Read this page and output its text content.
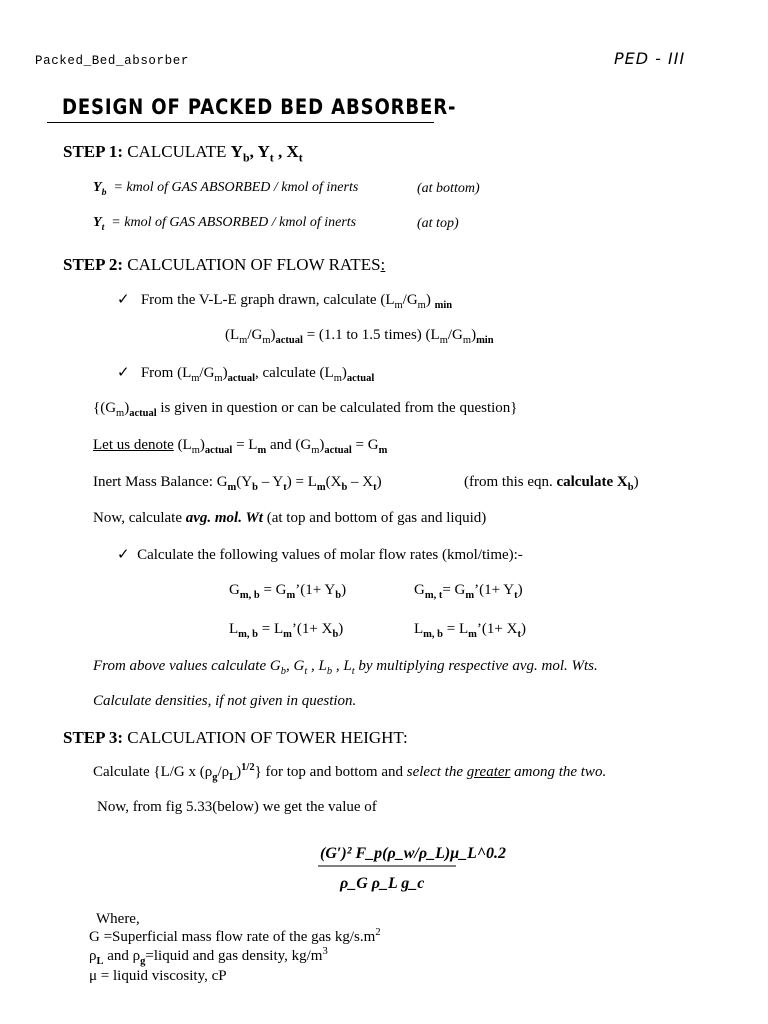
Packed_Bed_absorber	PED - III
DESIGN OF PACKED BED ABSORBER-
STEP 1: CALCULATE $Y_b$, $Y_t$ , $X_t$
$Y_b$ = kmol of GAS ABSORBED / kmol of inerts	(at bottom)
$Y_t$ = kmol of GAS ABSORBED / kmol of inerts	(at top)
STEP 2: CALCULATION OF FLOW RATES:
✓ From the V-L-E graph drawn, calculate $(L_m/G_m)$ $_{min}$
$(L_m/G_m)_{actual} = (1.1$ to 1.5 times) $(L_m/G_m)_{min}$
✓ From $(L_m/G_m)_{actual}$, calculate $(L_m)_{actual}$
{$(G_m)_{actual}$ is given in question or can be calculated from the question}
Let us denote $(L_m)_{actual} = L_m$ and $(G_m)_{actual} = G_m$
Inert Mass Balance: $G_m(Y_b - Y_t) = L_m(X_b - X_t)$	(from this eqn. calculate $X_b$)
Now, calculate avg. mol. Wt (at top and bottom of gas and liquid)
✓ Calculate the following values of molar flow rates (kmol/time):-
$G_{m, b}$ = $G_m’(1+ Y_b)$	$G_{m, t}=$ $G_m’(1+ Y_t)$
$L_{m, b}$ = $L_m’(1+ X_b)$	$L_{m, b}$ = $L_m’(1+ X_t)$
From above values calculate $G_b$, $G_t$ , $L_b$ , $L_t$ by multiplying respective avg. mol. Wts.
Calculate densities, if not given in question.
STEP 3: CALCULATION OF TOWER HEIGHT:
Calculate {L/G x $(\rho_g/\rho_L)^{1/2}$} for top and bottom and select the greater among the two.
Now, from fig 5.33(below) we get the value of
(G′)² F_p(ρ_w/ρ_L)μ_L^0.2
ρ_G ρ_L g_c
Where,
G =Superficial mass flow rate of the gas $kg/s.m^2$
$\rho_L$ and $\rho_g=liquid$ and gas density, $kg/m^3$
μ = liquid viscosity, cP
